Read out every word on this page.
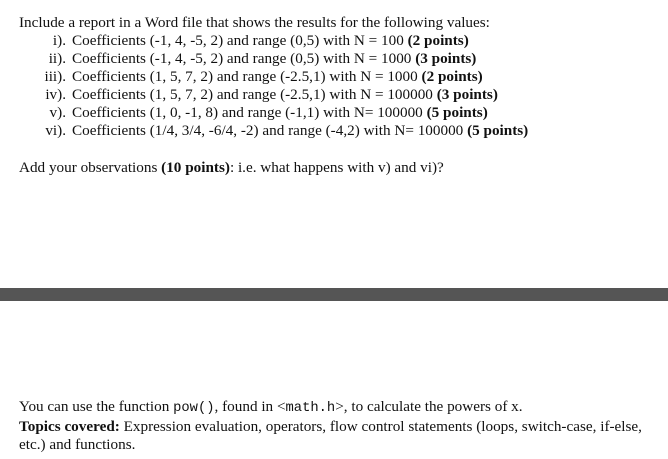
Include a report in a Word file that shows the results for the following values:
i). Coefficients (-1, 4, -5, 2) and range (0,5) with N = 100 (2 points)
ii). Coefficients (-1, 4, -5, 2) and range (0,5) with N = 1000 (3 points)
iii). Coefficients (1, 5, 7, 2) and range (-2.5,1) with N = 1000 (2 points)
iv). Coefficients (1, 5, 7, 2) and range (-2.5,1) with N = 100000 (3 points)
v). Coefficients (1, 0, -1, 8) and range (-1,1) with N= 100000 (5 points)
vi). Coefficients (1/4, 3/4, -6/4, -2) and range (-4,2) with N= 100000 (5 points)
Add your observations (10 points): i.e. what happens with v) and vi)?

You can use the function pow(), found in <math.h>, to calculate the powers of x.

Topics covered: Expression evaluation, operators, flow control statements (loops, switch-case, if-else, etc.) and functions.
